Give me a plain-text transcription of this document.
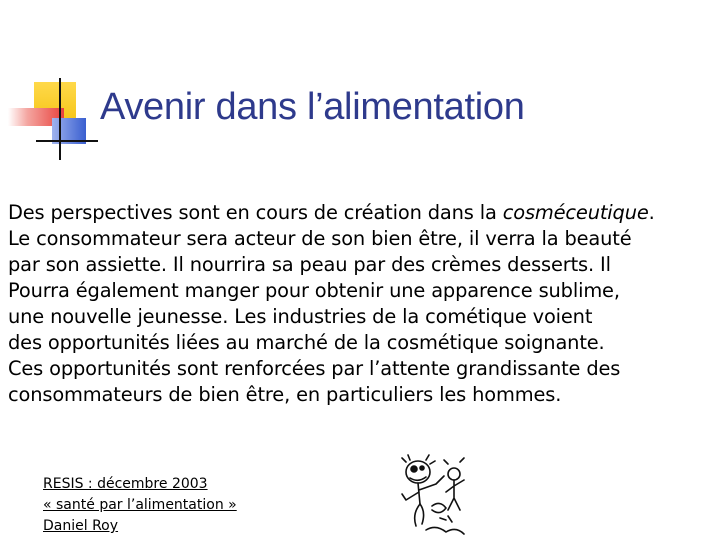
Avenir dans l’alimentation
Des perspectives sont en cours de création dans la cosméceutique.
Le consommateur sera acteur de son bien être, il verra la beauté
par son assiette. Il nourrira sa peau par des crèmes desserts. Il
Pourra également manger pour obtenir une apparence sublime,
une nouvelle jeunesse. Les industries de la cométique voient
des opportunités liées au marché de la cosmétique soignante.
Ces opportunités sont renforcées par l’attente grandissante des
consommateurs de bien être, en particuliers les hommes.
RESIS : décembre 2003
« santé par l’alimentation »
Daniel Roy
